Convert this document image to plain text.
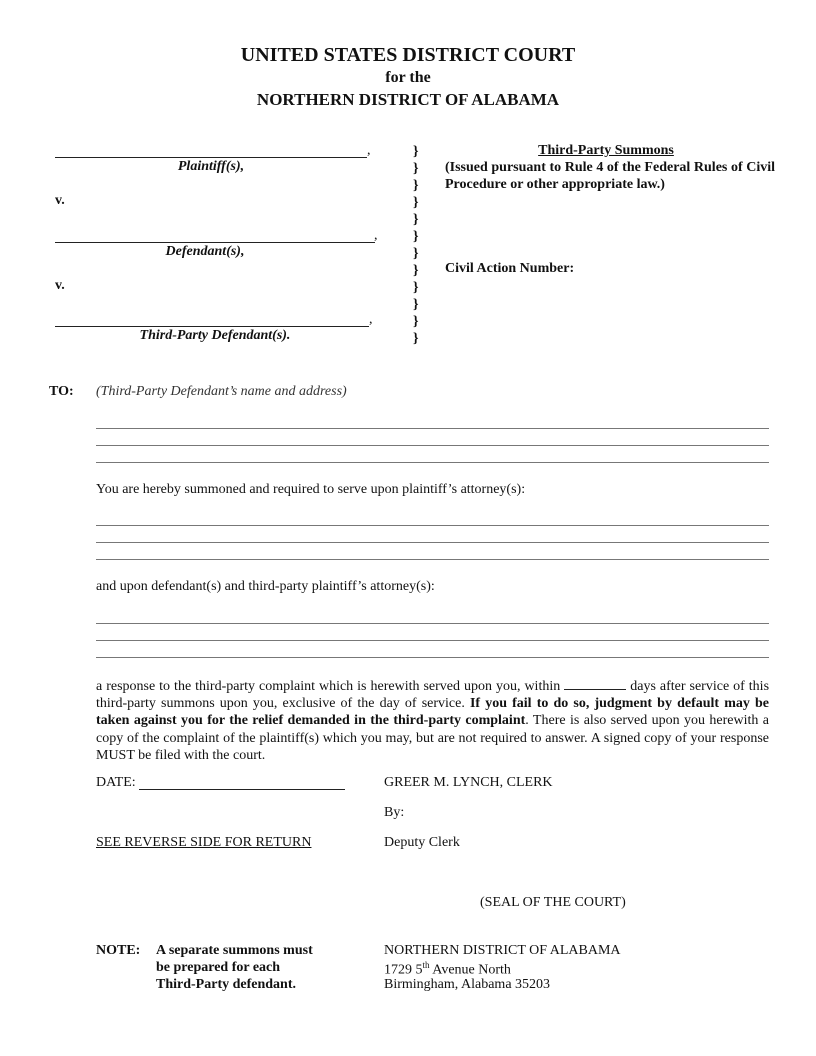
UNITED STATES DISTRICT COURT
for the
NORTHERN DISTRICT OF ALABAMA
,
Plaintiff(s),
v.
,
Defendant(s),
v.
,
Third-Party Defendant(s).
}
}
}
}
}
}
}
}
}
}
}
}
Third-Party Summons
(Issued pursuant to Rule 4 of the Federal Rules of Civil Procedure or other appropriate law.)
Civil Action Number:
TO: (Third-Party Defendant’s name and address)
You are hereby summoned and required to serve upon plaintiff’s attorney(s):
and upon defendant(s) and third-party plaintiff’s attorney(s):
a response to the third-party complaint which is herewith served upon you, within	days after service of this third-party summons upon you, exclusive of the day of service. If you fail to do so, judgment by default may be taken against you for the relief demanded in the third-party complaint. There is also served upon you herewith a copy of the complaint of the plaintiff(s) which you may, but are not required to answer. A signed copy of your response MUST be filed with the court.
DATE:	GREER M. LYNCH, CLERK
By:
SEE REVERSE SIDE FOR RETURN	Deputy Clerk
(SEAL OF THE COURT)
NOTE: A separate summons must
be prepared for each
Third-Party defendant.
NORTHERN DISTRICT OF ALABAMA
1729 5th Avenue North
Birmingham, Alabama 35203
